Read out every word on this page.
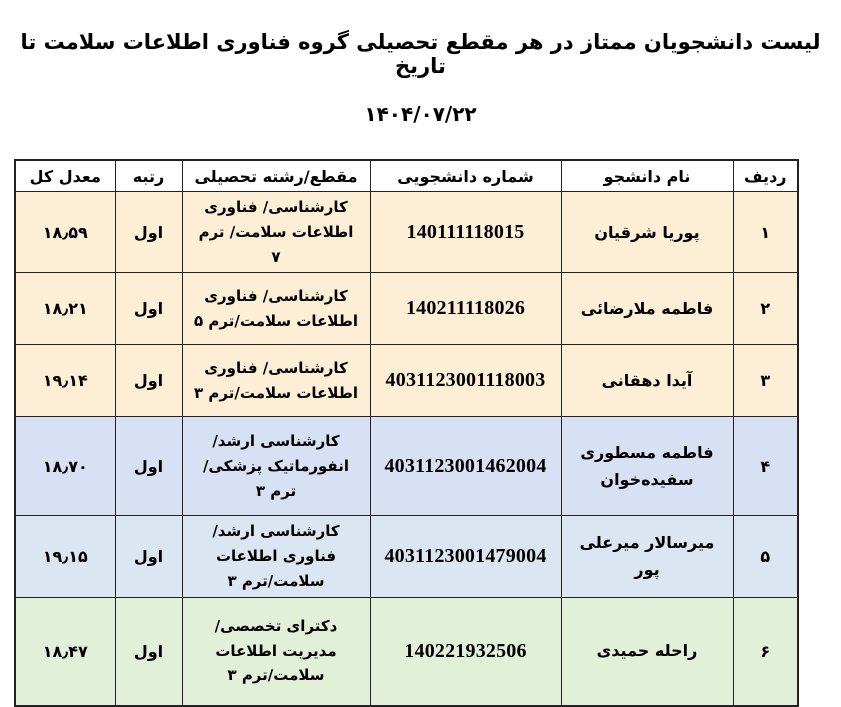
لیست دانشجویان ممتاز در هر مقطع تحصیلی گروه فناوری اطلاعات سلامت تا تاریخ
۱۴۰۴/۰۷/۲۲
ردیف	نام دانشجو	شماره دانشجویی	مقطع/رشته تحصیلی	رتبه	معدل کل
۱	پوریا شرقیان	140111118015	کارشناسی/ فناوری اطلاعات سلامت/ ترم ۷	اول	۱۸٫۵۹
۲	فاطمه ملارضائی	140211118026	کارشناسی/ فناوری اطلاعات سلامت/ترم ۵	اول	۱۸٫۲۱
۳	آیدا دهقانی	4031123001118003	کارشناسی/ فناوری اطلاعات سلامت/ترم ۳	اول	۱۹٫۱۴
۴	فاطمه مسطوری سفیده‌خوان	4031123001462004	کارشناسی ارشد/ انفورماتیک پزشکی/ترم ۳	اول	۱۸٫۷۰
۵	میرسالار میرعلی پور	4031123001479004	کارشناسی ارشد/ فناوری اطلاعات سلامت/ترم ۳	اول	۱۹٫۱۵
۶	راحله حمیدی	140221932506	دکترای تخصصی/ مدیریت اطلاعات سلامت/ترم ۳	اول	۱۸٫۴۷
